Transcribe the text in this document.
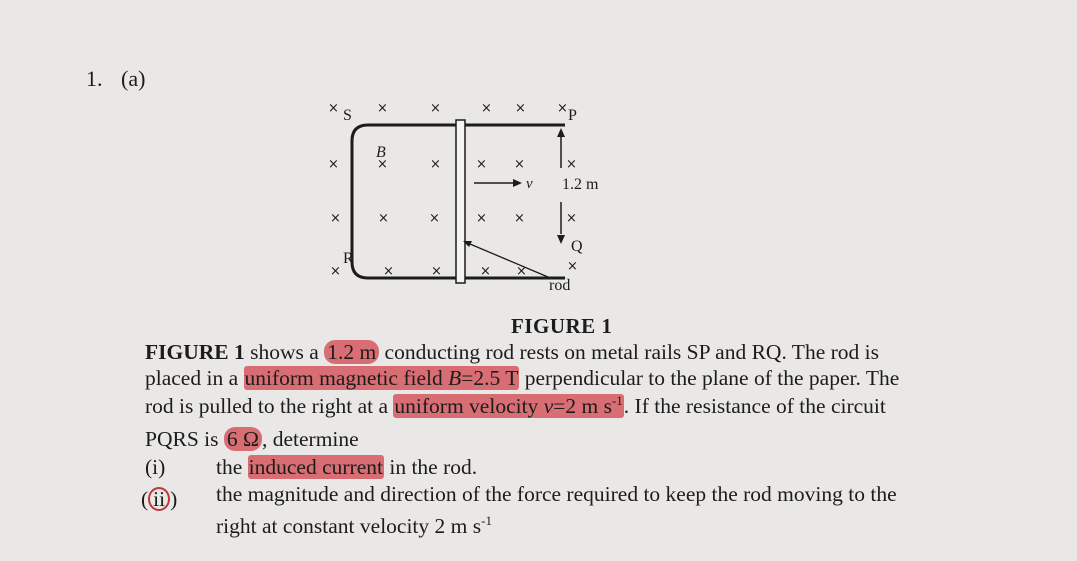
1. (a)
×	×	×	× × ×
×	×	×	× ×	×
×	×	×	× ×	×
×	×	×	× ×	×
S	P
R
Q
B
v 1.2 m
rod
FIGURE 1
FIGURE 1 shows a 1.2 m conducting rod rests on metal rails SP and RQ. The rod is
placed in a uniform magnetic field B=2.5 T perpendicular to the plane of the paper. The
rod is pulled to the right at a uniform velocity v=2 m $s^{-1}$. If the resistance of the circuit
PQRS is 6 Ω , determine
(i) the induced current in the rod.
( ii ) the magnitude and direction of the force required to keep the rod moving to the
right at constant velocity 2 m $s^{-1}$
